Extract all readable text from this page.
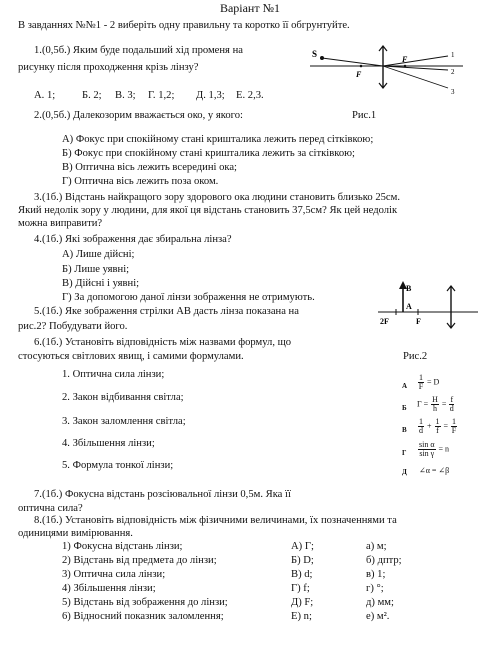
Варіант №1
В завданнях №№1 - 2 виберіть одну правильну та коротко її обгрунтуйте.
1.(0,5б.) Яким буде подальший хід променя на
рисунку після проходження крізь лінзу?
А. 1;	Б. 2; В. 3; Г. 1,2; Д. 1,3; Е. 2,3.
S
F
F	1
2
3
Рис.1
2.(0,5б.) Далекозорим вважається око, у якого:
А) Фокус при спокійному стані кришталика лежить перед сітківкою;
Б) Фокус при спокійному стані кришталика лежить за сітківкою;
В) Оптична вісь лежить всередині ока;
Г) Оптична вісь лежить поза оком.
3.(1б.) Відстань найкращого зору здорового ока людини становить близько 25см.
Який недолік зору у людини, для якої ця відстань становить 37,5см? Як цей недолік
можна виправити?
4.(1б.) Які зображення дає збиральна лінза?
А) Лише дійсні;
Б) Лише уявні;
В) Дійсні і уявні;
Г) За допомогою даної лінзи зображення не отримують.
5.(1б.) Яке зображення стрілки АВ дасть лінза показана на
рис.2? Побудувати його.
B
A
2F	F
6.(1б.) Установіть відповідність між назвами формул, що
стосуються світлових явищ, і самими формулами.	Рис.2
1. Оптична сила лінзи;
2. Закон відбивання світла;
3. Закон заломлення світла;
4. Збільшення лінзи;
5. Формула тонкої лінзи;
А $\frac{1}{F} = D$
Б $Г = \frac{H}{h} = \frac{f}{d}$
В $\frac{1}{d} + \frac{1}{f} = \frac{1}{F}$
Г $\frac{\text{sin α}}{\text{sin γ}} = n$
Д ∠α = ∠β
7.(1б.) Фокусна відстань розсіювальної лінзи 0,5м. Яка її
оптична сила?
8.(1б.) Установіть відповідність між фізичними величинами, їх позначеннями та
одиницями вимірювання.
1) Фокусна відстань лінзи;	А) Г;	а) м;
2) Відстань від предмета до лінзи;	Б) D;	б) дптр;
3) Оптична сила лінзи;	В) d;	в) 1;
4) Збільшення лінзи;	Г) f;	г) °;
5) Відстань від зображення до лінзи;	Д) F;	д) мм;
6) Відносний показник заломлення;	Е) n;	е) м².
